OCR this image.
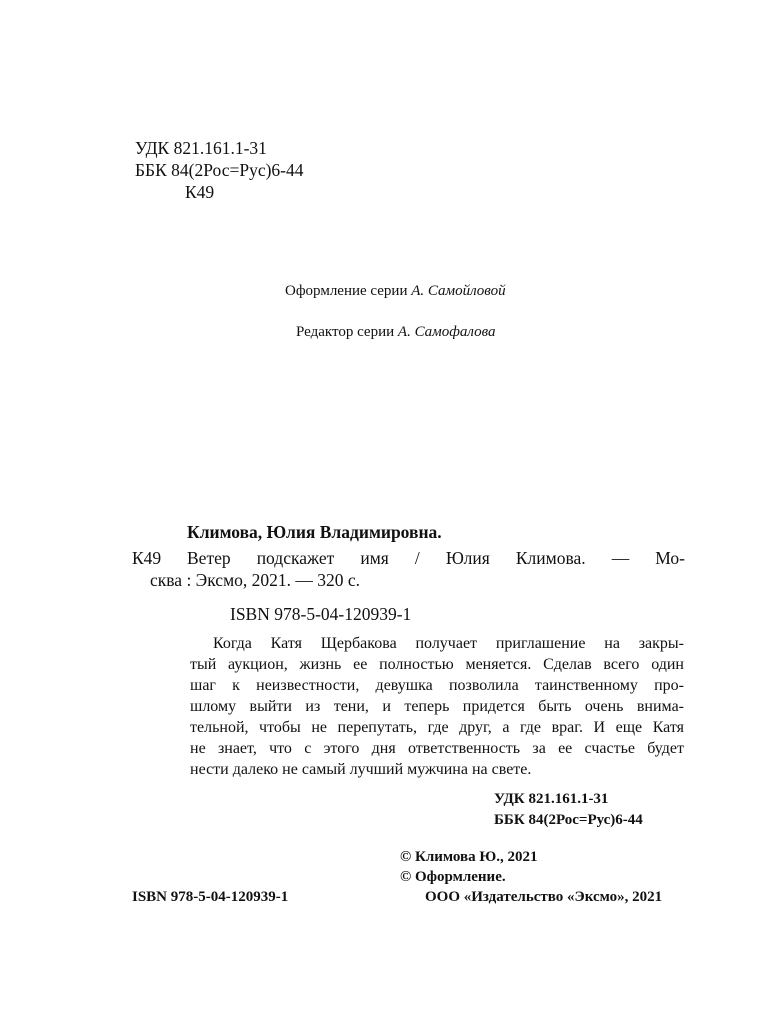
УДК 821.161.1-31
ББК 84(2Рос=Рус)6-44
К49
Оформление серии А. Самойловой
Редактор серии А. Самофалова
Климова, Юлия Владимировна.
К49 Ветер подскажет имя / Юлия Климова. — Мо-
сква : Эксмо, 2021. — 320 с.
ISBN 978-5-04-120939-1
Когда Катя Щербакова получает приглашение на закры-
тый аукцион, жизнь ее полностью меняется. Сделав всего один
шаг к неизвестности, девушка позволила таинственному про-
шлому выйти из тени, и теперь придется быть очень внима-
тельной, чтобы не перепутать, где друг, а где враг. И еще Катя
не знает, что с этого дня ответственность за ее счастье будет
нести далеко не самый лучший мужчина на свете.
УДК 821.161.1-31
ББК 84(2Рос=Рус)6-44
© Климова Ю., 2021
© Оформление.
ООО «Издательство «Эксмо», 2021
ISBN 978-5-04-120939-1
